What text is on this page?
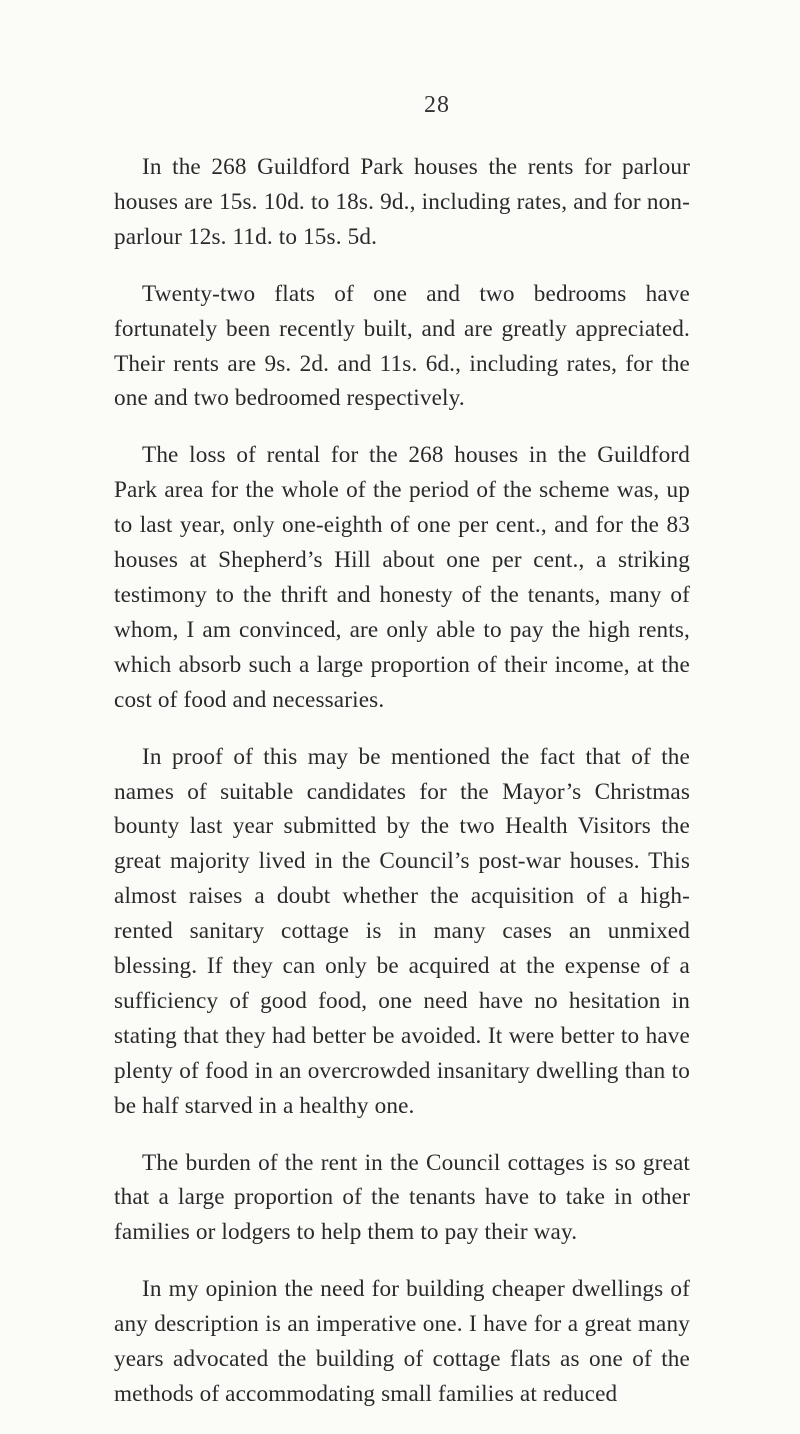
28

In the 268 Guildford Park houses the rents for parlour houses are 15s. 10d. to 18s. 9d., including rates, and for non-parlour 12s. 11d. to 15s. 5d.

Twenty-two flats of one and two bedrooms have fortunately been recently built, and are greatly appreciated. Their rents are 9s. 2d. and 11s. 6d., including rates, for the one and two bedroomed respectively.

The loss of rental for the 268 houses in the Guildford Park area for the whole of the period of the scheme was, up to last year, only one-eighth of one per cent., and for the 83 houses at Shepherd’s Hill about one per cent., a striking testimony to the thrift and honesty of the tenants, many of whom, I am convinced, are only able to pay the high rents, which absorb such a large proportion of their income, at the cost of food and necessaries.

In proof of this may be mentioned the fact that of the names of suitable candidates for the Mayor’s Christmas bounty last year submitted by the two Health Visitors the great majority lived in the Council’s post-war houses. This almost raises a doubt whether the acquisition of a high-rented sanitary cottage is in many cases an unmixed blessing. If they can only be acquired at the expense of a sufficiency of good food, one need have no hesitation in stating that they had better be avoided. It were better to have plenty of food in an overcrowded insanitary dwelling than to be half starved in a healthy one.

The burden of the rent in the Council cottages is so great that a large proportion of the tenants have to take in other families or lodgers to help them to pay their way.

In my opinion the need for building cheaper dwellings of any description is an imperative one. I have for a great many years advocated the building of cottage flats as one of the methods of accommodating small families at reduced
